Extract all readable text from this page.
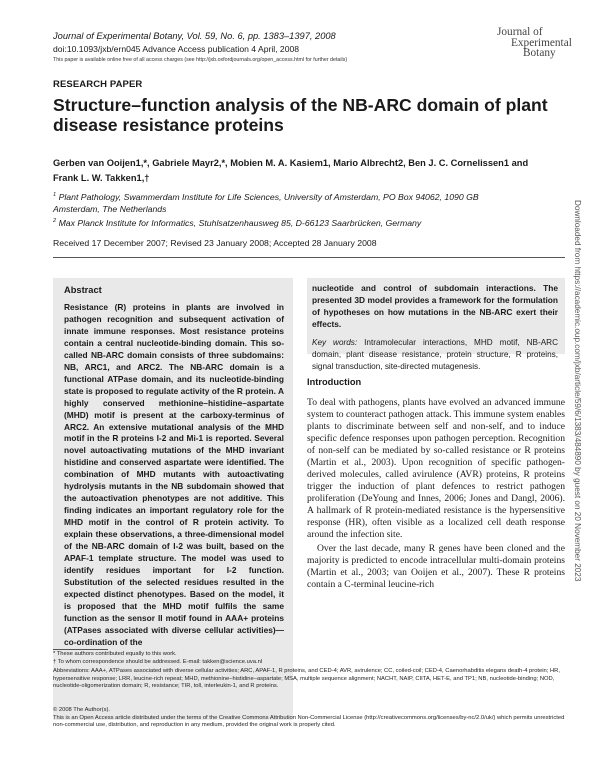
Journal of Experimental Botany, Vol. 59, No. 6, pp. 1383–1397, 2008
doi:10.1093/jxb/ern045 Advance Access publication 4 April, 2008
This paper is available online free of all access charges (see http://jxb.oxfordjournals.org/open_access.html for further details)
Journal of
Experimental
Botany
RESEARCH PAPER
Structure–function analysis of the NB-ARC domain of plant disease resistance proteins
Gerben van Ooijen1,*, Gabriele Mayr2,*, Mobien M. A. Kasiem1, Mario Albrecht2, Ben J. C. Cornelissen1 and
Frank L. W. Takken1,†
$^1$ Plant Pathology, Swammerdam Institute for Life Sciences, University of Amsterdam, PO Box 94062, 1090 GB Amsterdam, The Netherlands
$^2$ Max Planck Institute for Informatics, Stuhlsatzenhausweg 85, D-66123 Saarbrücken, Germany
Received 17 December 2007; Revised 23 January 2008; Accepted 28 January 2008
Abstract
Resistance (R) proteins in plants are involved in pathogen recognition and subsequent activation of innate immune responses. Most resistance proteins contain a central nucleotide-binding domain. This so-called NB-ARC domain consists of three subdomains: NB, ARC1, and ARC2. The NB-ARC domain is a functional ATPase domain, and its nucleotide-binding state is proposed to regulate activity of the R protein. A highly conserved methionine–histidine–aspartate (MHD) motif is present at the carboxy-terminus of ARC2. An extensive mutational analysis of the MHD motif in the R proteins I-2 and Mi-1 is reported. Several novel autoactivating mutations of the MHD invariant histidine and conserved aspartate were identified. The combination of MHD mutants with autoactivating hydrolysis mutants in the NB subdomain showed that the autoactivation phenotypes are not additive. This finding indicates an important regulatory role for the MHD motif in the control of R protein activity. To explain these observations, a three-dimensional model of the NB-ARC domain of I-2 was built, based on the APAF-1 template structure. The model was used to identify residues important for I-2 function. Substitution of the selected residues resulted in the expected distinct phenotypes. Based on the model, it is proposed that the MHD motif fulfils the same function as the sensor II motif found in AAA+ proteins (ATPases associated with diverse cellular activities)—co-ordination of the
nucleotide and control of subdomain interactions. The presented 3D model provides a framework for the formulation of hypotheses on how mutations in the NB-ARC exert their effects.
Key words: Intramolecular interactions, MHD motif, NB-ARC domain, plant disease resistance, protein structure, R proteins, signal transduction, site-directed mutagenesis.
Introduction

To deal with pathogens, plants have evolved an advanced immune system to counteract pathogen attack. This immune system enables plants to discriminate between self and non-self, and to induce specific defence responses upon pathogen perception. Recognition of non-self can be mediated by so-called resistance or R proteins (Martin et al., 2003). Upon recognition of specific pathogen-derived molecules, called avirulence (AVR) proteins, R proteins trigger the induction of plant defences to restrict pathogen proliferation (DeYoung and Innes, 2006; Jones and Dangl, 2006). A hallmark of R protein-mediated resistance is the hypersensitive response (HR), often visible as a localized cell death response around the infection site.

Over the last decade, many R genes have been cloned and the majority is predicted to encode intracellular multi-domain proteins (Martin et al., 2003; van Ooijen et al., 2007). These R proteins contain a C-terminal leucine-rich

* These authors contributed equally to this work.
† To whom correspondence should be addressed. E-mail: takken@science.uva.nl
Abbreviations: AAA+, ATPases associated with diverse cellular activities; ARC, APAF-1, R proteins, and CED-4; AVR, avirulence; CC, coiled-coil; CED-4, Caenorhabditis elegans death-4 protein; HR, hypersensitive response; LRR, leucine-rich repeat; MHD, methionine–histidine–aspartate; MSA, multiple sequence alignment; NACHT, NAIP, CIITA, HET-E, and TP1; NB, nucleotide-binding; NOD, nucleotide-oligomerization domain; R, resistance; TIR, toll, interleukin-1, and R proteins.
© 2008 The Author(s).
This is an Open Access article distributed under the terms of the Creative Commons Attribution Non-Commercial License (http://creativecommons.org/licenses/by-nc/2.0/uk/) which permits unrestricted non-commercial use, distribution, and reproduction in any medium, provided the original work is properly cited.
Downloaded from https://academic.oup.com/jxb/article/59/6/1383/484890 by guest on 20 November 2023
